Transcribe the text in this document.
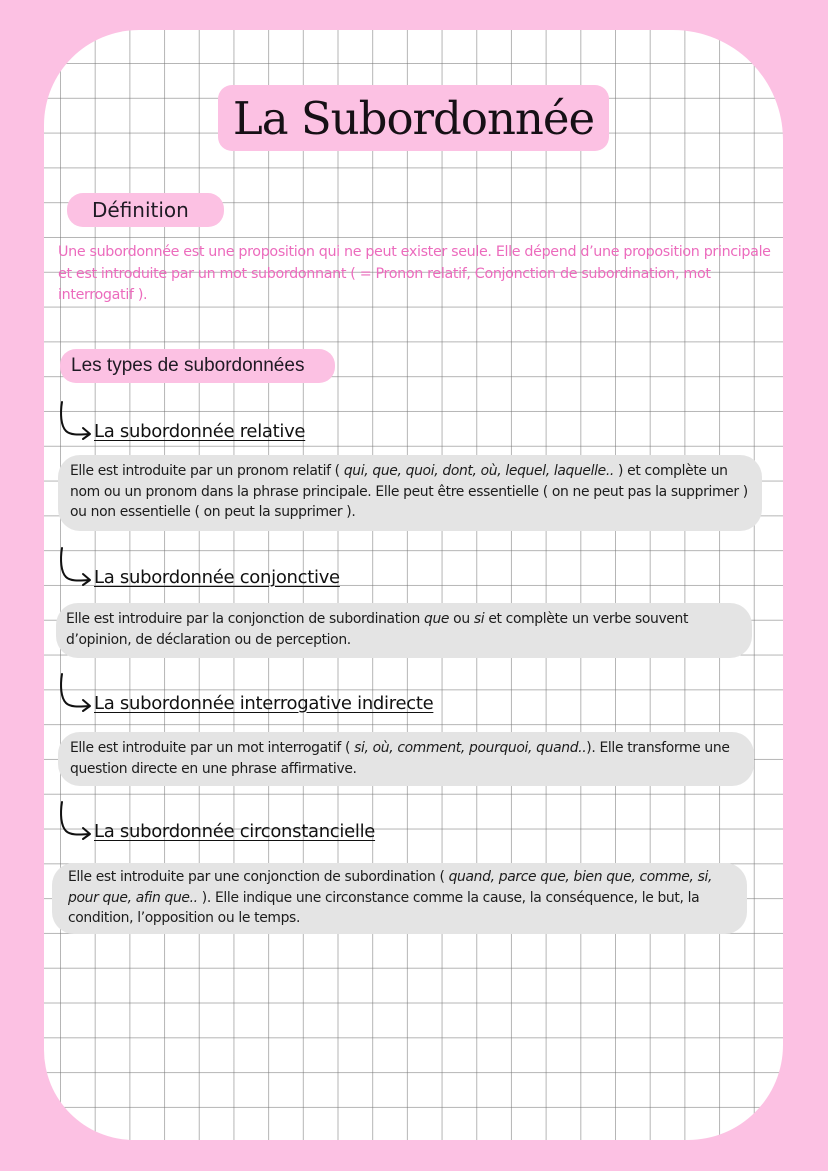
La Subordonnée
Définition
Une subordonnée est une proposition qui ne peut exister seule. Elle dépend d’une proposition principale et est introduite par un mot subordonnant ( = Pronon relatif, Conjonction de subordination, mot interrogatif ).
Les types de subordonnées
La subordonnée relative
Elle est introduite par un pronom relatif ( qui, que, quoi, dont, où, lequel, laquelle.. ) et complète un nom ou un pronom dans la phrase principale. Elle peut être essentielle ( on ne peut pas la supprimer ) ou non essentielle ( on peut la supprimer ).
La subordonnée conjonctive
Elle est introduire par la conjonction de subordination que ou si et complète un verbe souvent d’opinion, de déclaration ou de perception.
La subordonnée interrogative indirecte
Elle est introduite par un mot interrogatif ( si, où, comment, pourquoi, quand..). Elle transforme une question directe en une phrase affirmative.
La subordonnée circonstancielle
Elle est introduite par une conjonction de subordination ( quand, parce que, bien que, comme, si, pour que, afin que.. ). Elle indique une circonstance comme la cause, la conséquence, le but, la condition, l’opposition ou le temps.
